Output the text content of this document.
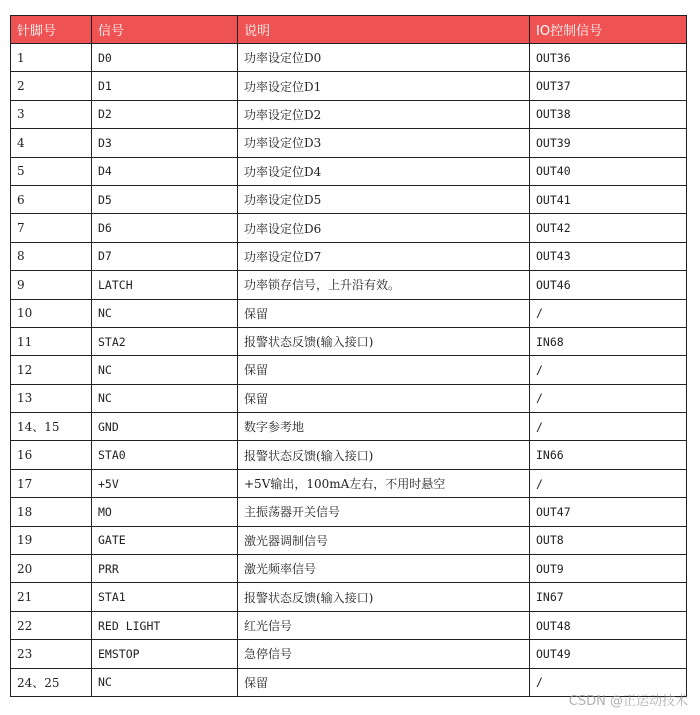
针脚号	信号	说明	IO控制信号
1	D0	功率设定位D0	OUT36
2	D1	功率设定位D1	OUT37
3	D2	功率设定位D2	OUT38
4	D3	功率设定位D3	OUT39
5	D4	功率设定位D4	OUT40
6	D5	功率设定位D5	OUT41
7	D6	功率设定位D6	OUT42
8	D7	功率设定位D7	OUT43
9	LATCH	功率锁存信号，上升沿有效。	OUT46
10	NC	保留	/
11	STA2	报警状态反馈(输入接口)	IN68
12	NC	保留	/
13	NC	保留	/
14、15	GND	数字参考地	/
16	STA0	报警状态反馈(输入接口)	IN66
17	+5V	+5V输出，100mA左右，不用时悬空	/
18	MO	主振荡器开关信号	OUT47
19	GATE	激光器调制信号	OUT8
20	PRR	激光频率信号	OUT9
21	STA1	报警状态反馈(输入接口)	IN67
22	RED LIGHT	红光信号	OUT48
23	EMSTOP	急停信号	OUT49
24、25	NC	保留	/
CSDN @正运动技术
